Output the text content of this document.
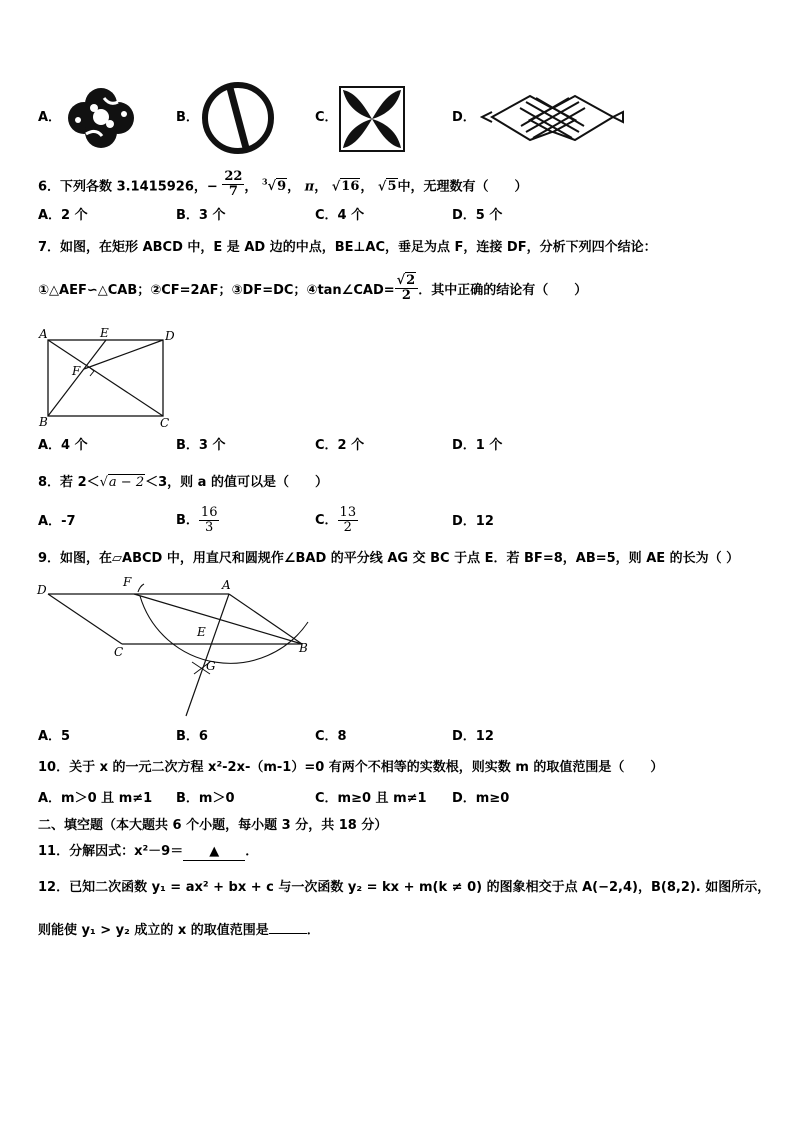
A．	B．	C．	D．
6．下列各数 3.1415926，− $\frac{22}{7}$ ， $^3$√9， π， √16， √5中，无理数有（　　）
A．2 个	B．3 个	C．4 个	D．5 个
7．如图，在矩形 ABCD 中，E 是 AD 边的中点，BE⊥AC，垂足为点 F，连接 DF，分析下列四个结论：
①△AEF∽△CAB；②CF=2AF；③DF=DC；④tan∠CAD= $\frac{√2}{2}$ ．其中正确的结论有（　　）
A	E	D
F
B	C
A．4 个	B．3 个	C．2 个	D．1 个
8．若 2＜√a − 2＜3，则 a 的值可以是（　　）
A．-7	B． $\frac{16}{3}$	C． $\frac{13}{2}$	D．12
9．如图，在▱ABCD 中，用直尺和圆规作∠BAD 的平分线 AG 交 BC 于点 E．若 BF=8，AB=5，则 AE 的长为（ ）
D
F	A
E
C	B
G
A．5	B．6	C．8	D．12
10．关于 x 的一元二次方程 x²-2x-（m-1）=0 有两个不相等的实数根，则实数 m 的取值范围是（　　）
A．m＞0 且 m≠1 B．m＞0	C．m≥0 且 m≠1 D．m≥0
二、填空题（本大题共 6 个小题，每小题 3 分，共 18 分）
11．分解因式：x²－9＝ ▲ ．
12．已知二次函数 y₁ = ax² + bx + c 与一次函数 y₂ = kx + m(k ≠ 0) 的图象相交于点 A(−2,4)，B(8,2). 如图所示，
则能使 y₁ > y₂ 成立的 x 的取值范围是	．
